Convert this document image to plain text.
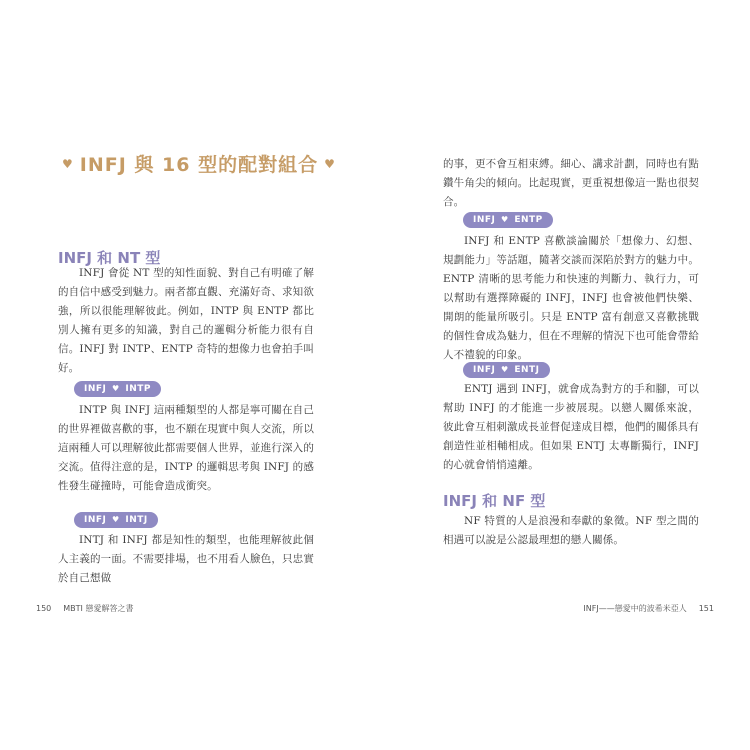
♥ INFJ 與 16 型的配對組合 ♥
INFJ 和 NT 型

INFJ 會從 NT 型的知性面貌、對自己有明確了解的自信中感受到魅力。兩者都直觀、充滿好奇、求知欲強，所以很能理解彼此。例如，INTP 與 ENTP 都比別人擁有更多的知識，對自己的邏輯分析能力很有自信。INFJ 對 INTP、ENTP 奇特的想像力也會拍手叫好。

INFJ ♥ INTP

INTP 與 INFJ 這兩種類型的人都是寧可關在自己的世界裡做喜歡的事，也不願在現實中與人交流，所以這兩種人可以理解彼此都需要個人世界，並進行深入的交流。值得注意的是，INTP 的邏輯思考與 INFJ 的感性發生碰撞時，可能會造成衝突。

INFJ ♥ INTJ

INTJ 和 INFJ 都是知性的類型，也能理解彼此個人主義的一面。不需要排場，也不用看人臉色，只忠實於自己想做

150 MBTI 戀愛解答之書

的事，更不會互相束縛。細心、講求計劃，同時也有點鑽牛角尖的傾向。比起現實，更重視想像這一點也很契合。

INFJ ♥ ENTP

INFJ 和 ENTP 喜歡談論關於「想像力、幻想、規劃能力」等話題，隨著交談而深陷於對方的魅力中。ENTP 清晰的思考能力和快速的判斷力、執行力，可以幫助有選擇障礙的 INFJ，INFJ 也會被他們快樂、開朗的能量所吸引。只是 ENTP 富有創意又喜歡挑戰的個性會成為魅力，但在不理解的情況下也可能會帶給人不禮貌的印象。

INFJ ♥ ENTJ

ENTJ 遇到 INFJ，就會成為對方的手和腳，可以幫助 INFJ 的才能進一步被展現。以戀人關係來說，彼此會互相刺激成長並督促達成目標，他們的關係具有創造性並相輔相成。但如果 ENTJ 太專斷獨行，INFJ 的心就會悄悄遠離。

INFJ 和 NF 型

NF 特質的人是浪漫和奉獻的象徵。NF 型之間的相遇可以說是公認最理想的戀人關係。

INFJ——戀愛中的波希米亞人 151
